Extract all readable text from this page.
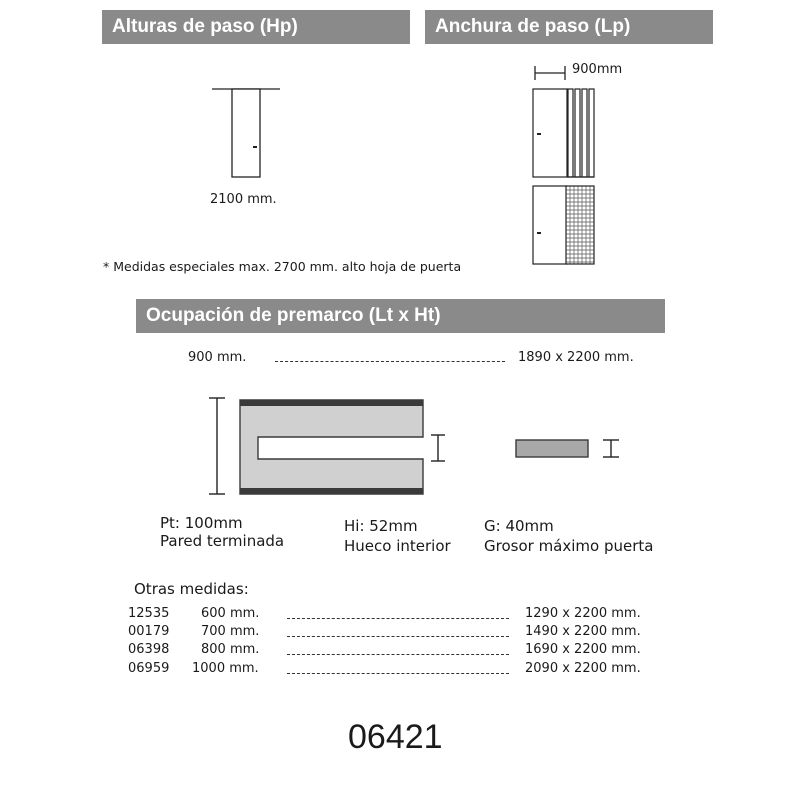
Alturas de paso (Hp)	Anchura de paso (Lp)
Ocupación de premarco (Lt x Ht)
2100 mm.
900mm
* Medidas especiales max. 2700 mm. alto hoja de puerta
900 mm.	1890 x 2200 mm.
Pt: 100mm
Pared terminada
Hi: 52mm
Hueco interior
G: 40mm
Grosor máximo puerta
Otras medidas:
12535 600 mm.	1290 x 2200 mm.
00179 700 mm.	1490 x 2200 mm.
06398 800 mm.	1690 x 2200 mm.
06959 1000 mm.	2090 x 2200 mm.
06421
